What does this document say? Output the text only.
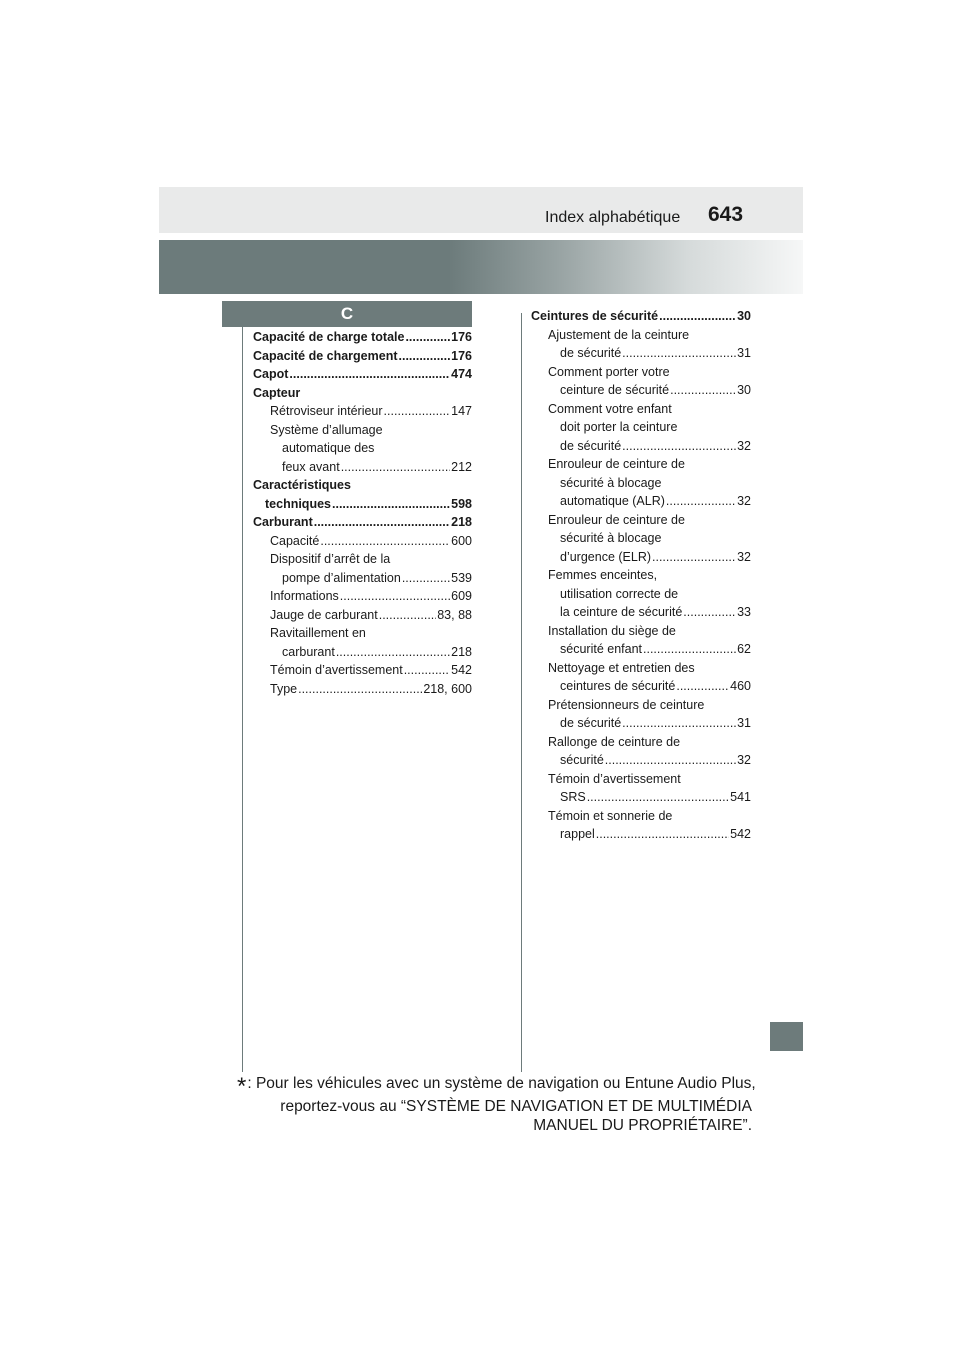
Index alphabétique 643
C
Capacité de charge totale .....	176
Capacité de chargement .....	176
Capot .....	474
Capteur
Rétroviseur intérieur .....	147
Système d’allumage
automatique des
feux avant .....	212
Caractéristiques
techniques .....	598
Carburant .....	218
Capacité .....	600
Dispositif d’arrêt de la
pompe d’alimentation .....	539
Informations .....	609
Jauge de carburant .....	83, 88
Ravitaillement en
carburant .....	218
Témoin d’avertissement .....	542
Type .....	218, 600
Ceintures de sécurité .....	30
Ajustement de la ceinture
de sécurité .....	31
Comment porter votre
ceinture de sécurité .....	30
Comment votre enfant
doit porter la ceinture
de sécurité .....	32
Enrouleur de ceinture de
sécurité à blocage
automatique (ALR) .....	32
Enrouleur de ceinture de
sécurité à blocage
d’urgence (ELR) .....	32
Femmes enceintes,
utilisation correcte de
la ceinture de sécurité .....	33
Installation du siège de
sécurité enfant .....	62
Nettoyage et entretien des
ceintures de sécurité .....	460
Prétensionneurs de ceinture
de sécurité .....	31
Rallonge de ceinture de
sécurité .....	32
Témoin d’avertissement
SRS .....	541
Témoin et sonnerie de
rappel .....	542
*: Pour les véhicules avec un système de navigation ou Entune Audio Plus,
reportez-vous au “SYSTÈME DE NAVIGATION ET DE MULTIMÉDIA
MANUEL DU PROPRIÉTAIRE”.
